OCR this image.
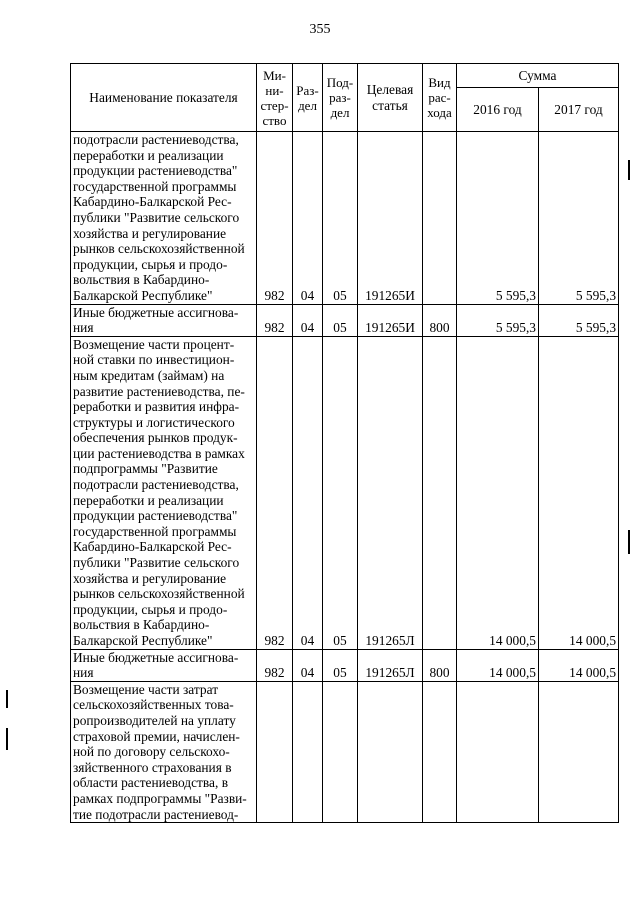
355
Наименование показателя	Ми-ни-стер-ство	Раз-дел	Под-раз-дел	Целевая статья	Вид рас-хода	Сумма	
						2016 год	2017 год
подотрасли растениеводства, переработки и реализации продукции растениеводства" государственной программы Кабардино-Балкарской Рес-публики "Развитие сельского хозяйства и регулирование рынков сельскохозяйственной продукции, сырья и продо-вольствия в Кабардино-Балкарской Республике"	982	04	05	191265И		5 595,3	5 595,3
Иные бюджетные ассигнова-ния	982	04	05	191265И	800	5 595,3	5 595,3
Возмещение части процент-ной ставки по инвестицион-ным кредитам (займам) на развитие растениеводства, пе-реработки и развития инфра-структуры и логистического обеспечения рынков продук-ции растениеводства в рамках подпрограммы "Развитие подотрасли растениеводства, переработки и реализации продукции растениеводства" государственной программы Кабардино-Балкарской Рес-публики "Развитие сельского хозяйства и регулирование рынков сельскохозяйственной продукции, сырья и продо-вольствия в Кабардино-Балкарской Республике"	982	04	05	191265Л		14 000,5	14 000,5
Иные бюджетные ассигнова-ния	982	04	05	191265Л	800	14 000,5	14 000,5
Возмещение части затрат сельскохозяйственных това-ропроизводителей на уплату страховой премии, начислен-ной по договору сельскохо-зяйственного страхования в области растениеводства, в рамках подпрограммы "Разви-тие подотрасли растениевод-							
